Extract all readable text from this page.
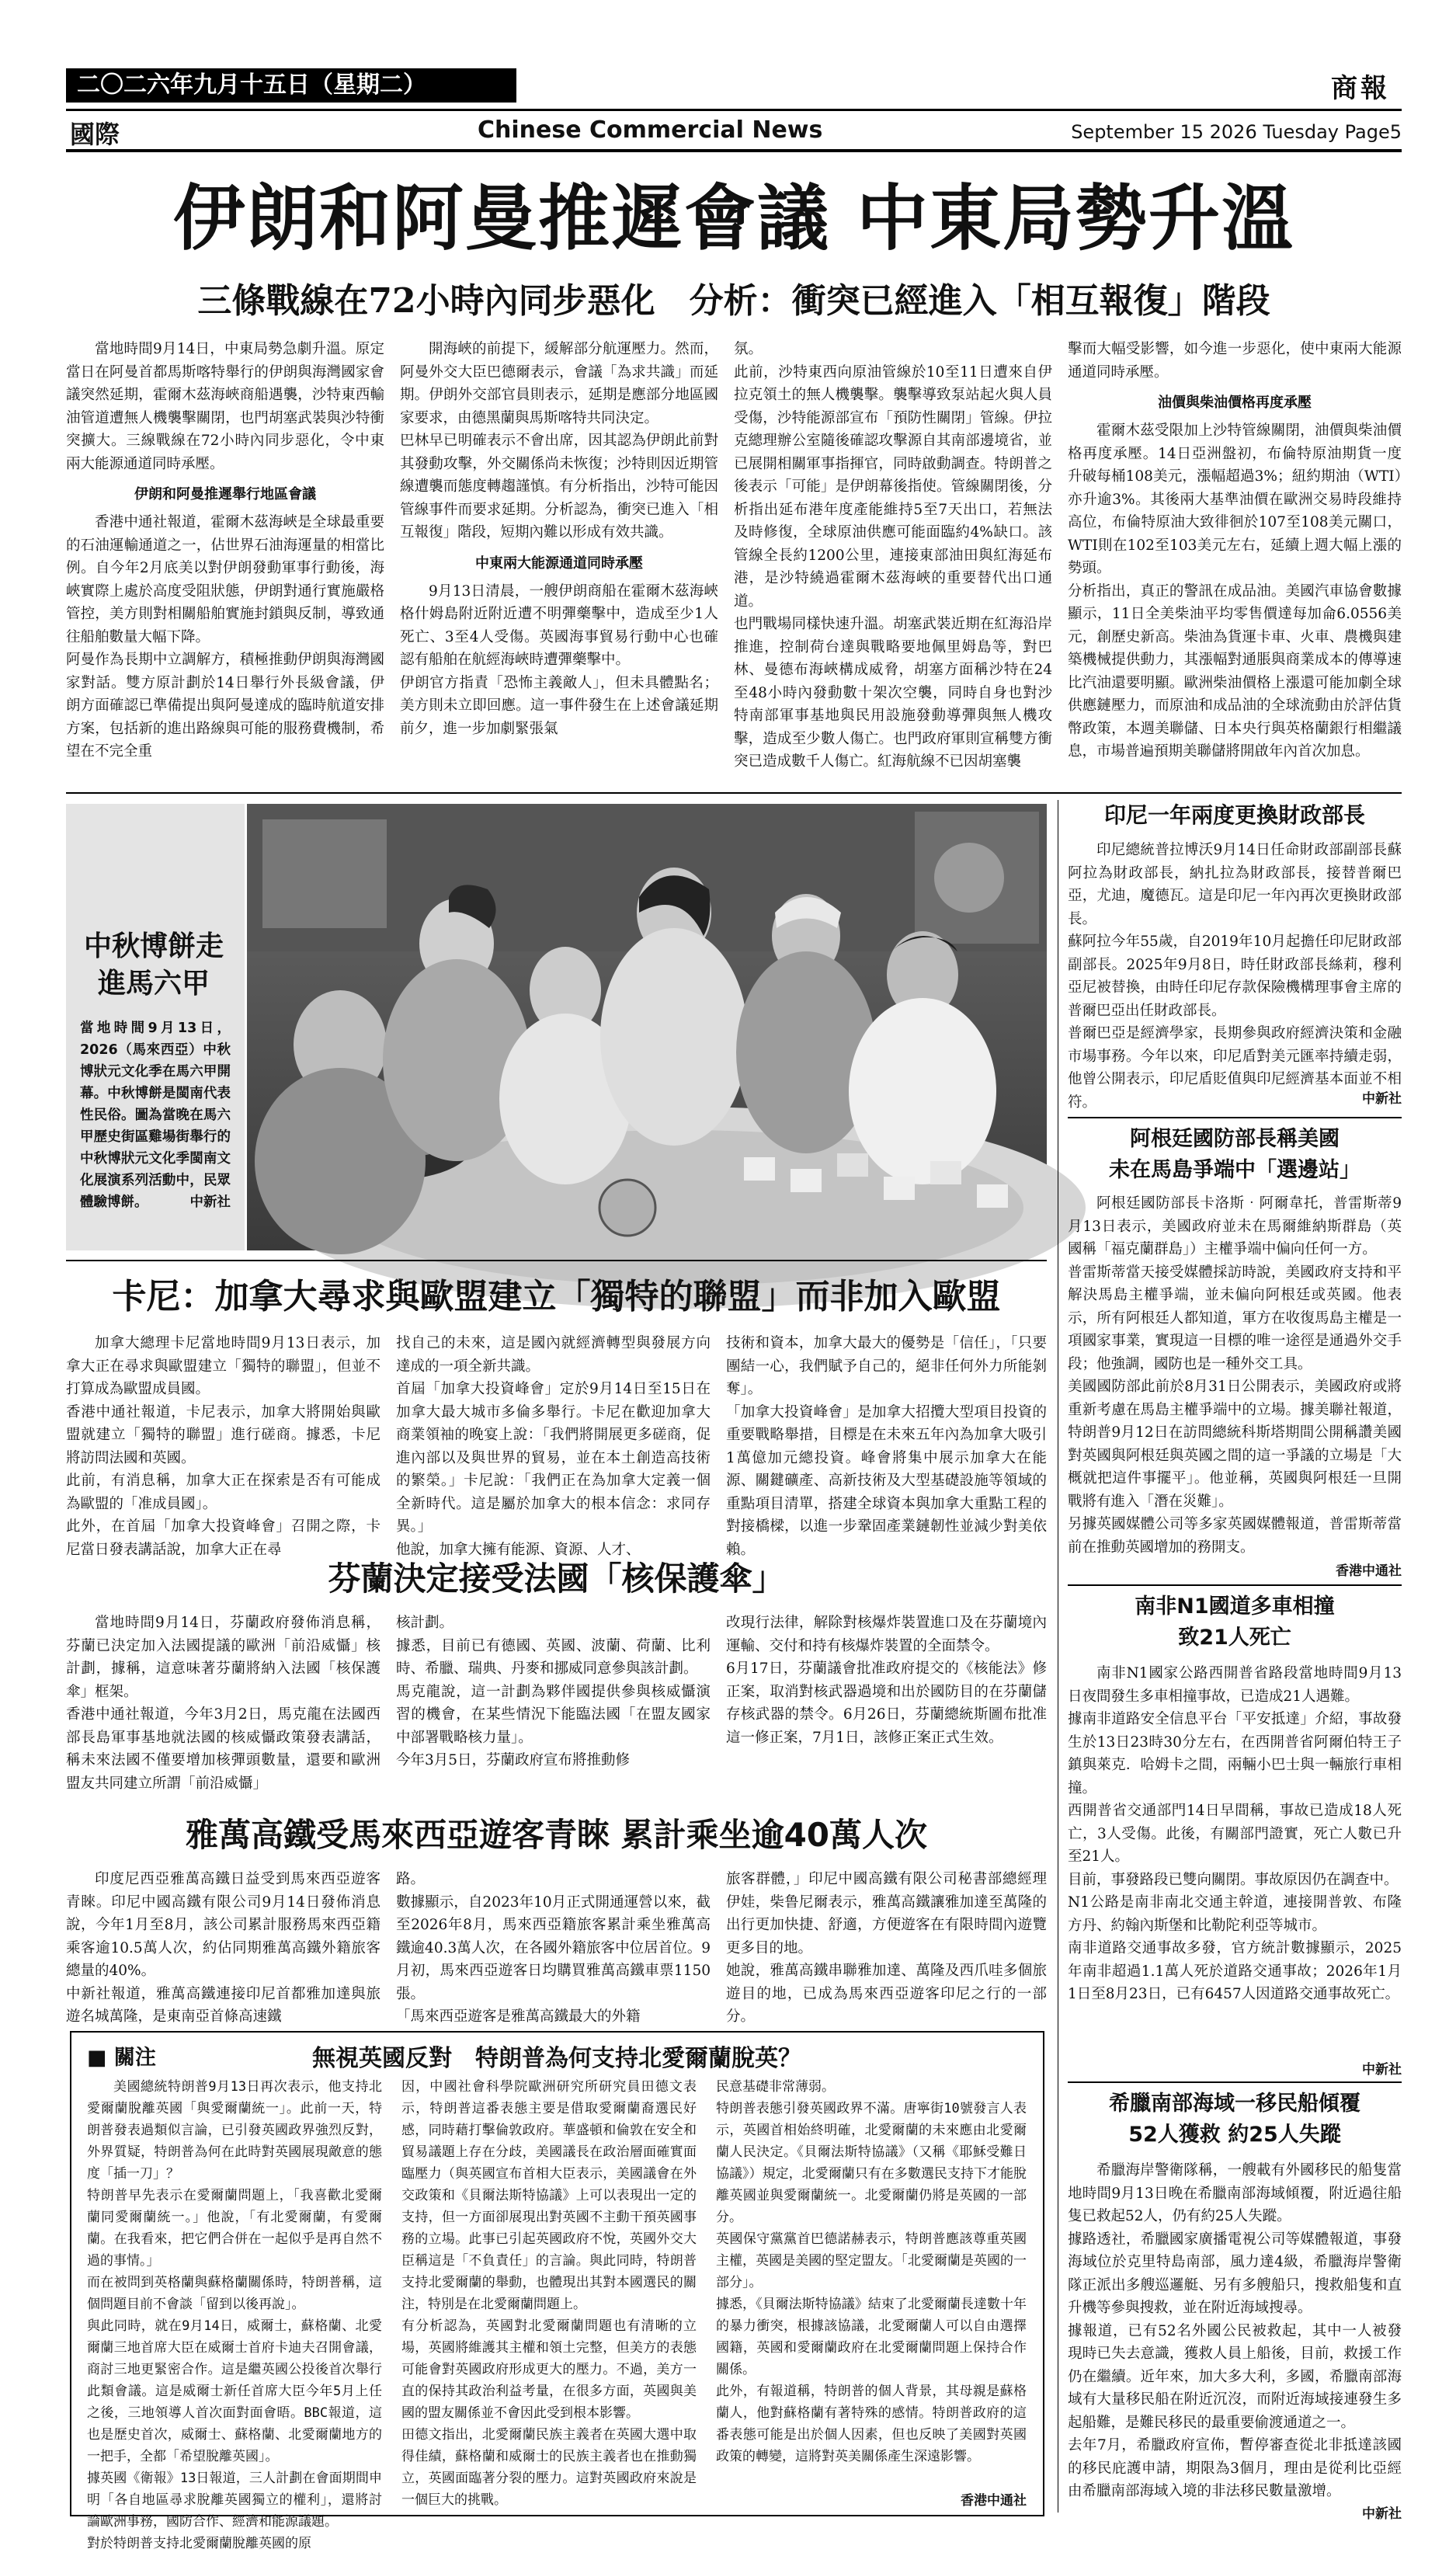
二〇二六年九月十五日（星期二）	商報
國際	Chinese Commercial News	September 15 2026 Tuesday Page5
伊朗和阿曼推遲會議 中東局勢升溫
三條戰線在72小時內同步惡化　分析：衝突已經進入「相互報復」階段

當地時間9月14日，中東局勢急劇升溫。原定當日在阿曼首都馬斯喀特舉行的伊朗與海灣國家會議突然延期，霍爾木茲海峽商船遇襲，沙特東西輸油管道遭無人機襲擊關閉，也門胡塞武裝與沙特衝突擴大。三線戰線在72小時內同步惡化，令中東兩大能源通道同時承壓。

伊朗和阿曼推遲舉行地區會議

香港中通社報道，霍爾木茲海峽是全球最重要的石油運輸通道之一，佔世界石油海運量的相當比例。自今年2月底美以對伊朗發動軍事行動後，海峽實際上處於高度受阻狀態，伊朗對通行實施嚴格管控，美方則對相關船舶實施封鎖與反制，導致通往船舶數量大幅下降。
阿曼作為長期中立調解方，積極推動伊朗與海灣國家對話。雙方原計劃於14日舉行外長級會議，伊朗方面確認已準備提出與阿曼達成的臨時航道安排方案，包括新的進出路線與可能的服務費機制，希望在不完全重

開海峽的前提下，緩解部分航運壓力。然而，阿曼外交大臣巴德爾表示，會議「為求共識」而延期。伊朗外交部官員則表示，延期是應部分地區國家要求，由德黑蘭與馬斯喀特共同決定。
巴林早已明確表示不會出席，因其認為伊朗此前對其發動攻擊，外交關係尚未恢復；沙特則因近期管線遭襲而態度轉趨謹慎。有分析指出，沙特可能因管線事件而要求延期。分析認為，衝突已進入「相互報復」階段，短期內難以形成有效共識。

中東兩大能源通道同時承壓

9月13日清晨，一艘伊朗商船在霍爾木茲海峽格什姆島附近附近遭不明彈藥擊中，造成至少1人死亡、3至4人受傷。英國海事貿易行動中心也確認有船舶在航經海峽時遭彈藥擊中。
伊朗官方指責「恐怖主義敵人」，但未具體點名；美方則未立即回應。這一事件發生在上述會議延期前夕，進一步加劇緊張氣

氛。
此前，沙特東西向原油管線於10至11日遭來自伊拉克領土的無人機襲擊。襲擊導致泵站起火與人員受傷，沙特能源部宣布「預防性關閉」管線。伊拉克總理辦公室隨後確認攻擊源自其南部邊境省，並已展開相關軍事指揮官，同時啟動調查。特朗普之後表示「可能」是伊朗幕後指使。管線關閉後，分析指出延布港年度產能維持5至7天出口，若無法及時修復，全球原油供應可能面臨約4%缺口。該管線全長約1200公里，連接東部油田與紅海延布港，是沙特繞過霍爾木茲海峽的重要替代出口通道。
也門戰場同樣快速升溫。胡塞武裝近期在紅海沿岸推進，控制荷台達與戰略要地佩里姆島等，對巴林、曼德布海峽構成威脅，胡塞方面稱沙特在24至48小時內發動數十架次空襲，同時自身也對沙特南部軍事基地與民用設施發動導彈與無人機攻擊，造成至少數人傷亡。也門政府軍則宣稱雙方衝突已造成數千人傷亡。紅海航線不已因胡塞襲

擊而大幅受影響，如今進一步惡化，使中東兩大能源通道同時承壓。

油價與柴油價格再度承壓

霍爾木茲受限加上沙特管線關閉，油價與柴油價格再度承壓。14日亞洲盤初，布倫特原油期貨一度升破每桶108美元，漲幅超過3%；紐約期油（WTI）亦升逾3%。其後兩大基準油價在歐洲交易時段維持高位，布倫特原油大致徘徊於107至108美元關口，WTI則在102至103美元左右，延續上週大幅上漲的勢頭。
分析指出，真正的警訊在成品油。美國汽車協會數據顯示，11日全美柴油平均零售價達每加侖6.0556美元，創歷史新高。柴油為貨運卡車、火車、農機與建築機械提供動力，其漲幅對通脹與商業成本的傳導速比汽油還要明顯。歐洲柴油價格上漲還可能加劇全球供應鏈壓力，而原油和成品油的全球流動由於評估貨幣政策，本週美聯儲、日本央行與英格蘭銀行相繼議息，市場普遍預期美聯儲將開啟年內首次加息。

中秋博餅走進馬六甲
當地時間9月13日，2026（馬來西亞）中秋博狀元文化季在馬六甲開幕。中秋博餅是閩南代表性民俗。圖為當晚在馬六甲歷史街區雞場街舉行的中秋博狀元文化季閩南文化展演系列活動中，民眾體驗博餅。	中新社
印尼一年兩度更換財政部長

印尼總統普拉博沃9月14日任命財政部副部長蘇阿拉為財政部長，納扎拉為財政部長，接替普爾巴亞，尤迪，魔德瓦。這是印尼一年內再次更換財政部長。
蘇阿拉今年55歲，自2019年10月起擔任印尼財政部副部長。2025年9月8日，時任財政部長絲莉，穆利亞尼被替換，由時任印尼存款保險機構理事會主席的普爾巴亞出任財政部長。
普爾巴亞是經濟學家，長期參與政府經濟決策和金融市場事務。今年以來，印尼盾對美元匯率持續走弱，他曾公開表示，印尼盾貶值與印尼經濟基本面並不相符。	中新社
阿根廷國防部長稱美國
未在馬島爭端中「選邊站」

阿根廷國防部長卡洛斯‧阿爾韋托，普雷斯蒂9月13日表示，美國政府並未在馬爾維納斯群島（英國稱「福克蘭群島」）主權爭端中偏向任何一方。
普雷斯蒂當天接受媒體採訪時說，美國政府支持和平解決馬島主權爭端，並未偏向阿根廷或英國。他表示，所有阿根廷人都知道，軍方在收復馬島主權是一項國家事業，實現這一目標的唯一途徑是通過外交手段；他強調，國防也是一種外交工具。
美國國防部此前於8月31日公開表示，美國政府或將重新考慮在馬島主權爭端中的立場。據美聯社報道，特朗普9月12日在訪問總統科斯塔期間公開稱讚美國對英國與阿根廷與英國之間的這一爭議的立場是「大概就把這件事擺平」。他並稱，英國與阿根廷一旦開戰將有進入「潛在災難」。
另據英國媒體公司等多家英國媒體報道，普雷斯蒂當前在推動英國增加的務開支。

香港中通社
南非N1國道多車相撞
致21人死亡

南非N1國家公路西開普省路段當地時間9月13日夜間發生多車相撞事故，已造成21人遇難。
據南非道路安全信息平台「平安抵達」介紹，事故發生於13日23時30分左右，在西開普省阿爾伯特王子鎮與萊克．哈姆卡之間，兩輛小巴士與一輛旅行車相撞。
西開普省交通部門14日早間稱，事故已造成18人死亡，3人受傷。此後，有關部門證實，死亡人數已升至21人。
目前，事發路段已雙向關閉。事故原因仍在調查中。
N1公路是南非南北交通主幹道，連接開普敦、布隆方丹、約翰內斯堡和比勒陀利亞等城市。
南非道路交通事故多發，官方統計數據顯示，2025年南非超過1.1萬人死於道路交通事故；2026年1月1日至8月23日，已有6457人因道路交通事故死亡。

中新社
希臘南部海域一移民船傾覆
52人獲救 約25人失蹤

希臘海岸警衛隊稱，一艘載有外國移民的船隻當地時間9月13日晚在希臘南部海域傾覆，附近過往船隻已救起52人，仍有約25人失蹤。
據路透社，希臘國家廣播電視公司等媒體報道，事發海域位於克里特島南部，風力達4級，希臘海岸警衛隊正派出多艘巡邏艇、另有多艘船只，搜救船隻和直升機等參與搜救，並在附近海域搜尋。
據報道，已有52名外國公民被救起，其中一人被發現時已失去意識，獲救人員上船後，目前，救援工作仍在繼續。近年來，加大多大利，多國，希臘南部海域有大量移民船在附近沉沒，而附近海域接連發生多起船難，是難民移民的最重要偷渡通道之一。
去年7月，希臘政府宣佈，暫停審查從北非抵達該國的移民庇護申請，期限為3個月，理由是從利比亞經由希臘南部海域入境的非法移民數量激增。

中新社
卡尼：加拿大尋求與歐盟建立「獨特的聯盟」而非加入歐盟

加拿大總理卡尼當地時間9月13日表示，加拿大正在尋求與歐盟建立「獨特的聯盟」，但並不打算成為歐盟成員國。
香港中通社報道，卡尼表示，加拿大將開始與歐盟就建立「獨特的聯盟」進行磋商。據悉，卡尼將訪問法國和英國。
此前，有消息稱，加拿大正在探索是否有可能成為歐盟的「准成員國」。
此外，在首屆「加拿大投資峰會」召開之際，卡尼當日發表講話說，加拿大正在尋

找自己的未來，這是國內就經濟轉型與發展方向達成的一項全新共識。
首屆「加拿大投資峰會」定於9月14日至15日在加拿大最大城市多倫多舉行。卡尼在歡迎加拿大商業領袖的晚宴上說：「我們將開展更多磋商，促進內部以及與世界的貿易，並在本土創造高技術的繁榮。」卡尼說：「我們正在為加拿大定義一個全新時代。這是屬於加拿大的根本信念：求同存異。」
他說，加拿大擁有能源、資源、人才、

技術和資本，加拿大最大的優勢是「信任」，「只要團結一心，我們賦予自己的，絕非任何外力所能剝奪」。
「加拿大投資峰會」是加拿大招攬大型項目投資的重要戰略舉措，目標是在未來五年內為加拿大吸引1萬億加元總投資。峰會將集中展示加拿大在能源、關鍵礦產、高新技術及大型基礎設施等領域的重點項目清單，搭建全球資本與加拿大重點工程的對接橋樑，以進一步鞏固產業鏈韌性並減少對美依賴。

芬蘭決定接受法國「核保護傘」

當地時間9月14日，芬蘭政府發佈消息稱，芬蘭已決定加入法國提議的歐洲「前沿威懾」核計劃，據稱，這意味著芬蘭將納入法國「核保護傘」框架。
香港中通社報道，今年3月2日，馬克龍在法國西部長島軍事基地就法國的核威懾政策發表講話，稱未來法國不僅要增加核彈頭數量，還要和歐洲盟友共同建立所謂「前沿威懾」

核計劃。
據悉，目前已有德國、英國、波蘭、荷蘭、比利時、希臘、瑞典、丹麥和挪威同意參與該計劃。
馬克龍說，這一計劃為夥伴國提供參與核威懾演習的機會，在某些情況下能臨法國「在盟友國家中部署戰略核力量」。
今年3月5日，芬蘭政府宣布將推動修

改現行法律，解除對核爆炸裝置進口及在芬蘭境內運輸、交付和持有核爆炸裝置的全面禁令。
6月17日，芬蘭議會批准政府提交的《核能法》修正案，取消對核武器過境和出於國防目的在芬蘭儲存核武器的禁令。6月26日，芬蘭總統斯圖布批准這一修正案，7月1日，該修正案正式生效。

雅萬高鐵受馬來西亞遊客青睞 累計乘坐逾40萬人次

印度尼西亞雅萬高鐵日益受到馬來西亞遊客青睞。印尼中國高鐵有限公司9月14日發佈消息說，今年1月至8月，該公司累計服務馬來西亞籍乘客逾10.5萬人次，約佔同期雅萬高鐵外籍旅客總量的40%。
中新社報道，雅萬高鐵連接印尼首都雅加達與旅遊名城萬隆，是東南亞首條高速鐵

路。
數據顯示，自2023年10月正式開通運營以來，截至2026年8月，馬來西亞籍旅客累計乘坐雅萬高鐵逾40.3萬人次，在各國外籍旅客中位居首位。9月初，馬來西亞遊客日均購買雅萬高鐵車票1150張。
「馬來西亞遊客是雅萬高鐵最大的外籍

旅客群體，」印尼中國高鐵有限公司秘書部總經理伊娃，柴鲁尼爾表示，雅萬高鐵讓雅加達至萬隆的出行更加快捷、舒適，方便遊客在有限時間內遊覽更多目的地。
她說，雅萬高鐵串聯雅加達、萬隆及西爪哇多個旅遊目的地，已成為馬來西亞遊客印尼之行的一部分。

■ 關注	無視英國反對　特朗普為何支持北愛爾蘭脫英？

美國總統特朗普9月13日再次表示，他支持北愛爾蘭脫離英國「與愛爾蘭統一」。此前一天，特朗普發表過類似言論，已引發英國政界強烈反對，外界質疑，特朗普為何在此時對英國展現敵意的態度「插一刀」？
特朗普早先表示在愛爾蘭問題上，「我喜歡北愛爾蘭同愛爾蘭統一。」他說，「有北愛爾蘭，有愛爾蘭。在我看來，把它們合併在一起似乎是再自然不過的事情。」
而在被問到英格蘭與蘇格蘭關係時，特朗普稱，這個問題目前不會談「留到以後再說」。
與此同時，就在9月14日，威爾士，蘇格蘭、北愛爾蘭三地首席大臣在威爾士首府卡迪夫召開會議，商討三地更緊密合作。這是繼英國公投後首次舉行此類會議。這是威爾士新任首席大臣今年5月上任之後，三地領導人首次面對面會晤。BBC報道，這也是歷史首次，威爾士、蘇格蘭、北愛爾蘭地方的一把手，全都「希望脫離英國」。
據英國《衛報》13日報道，三人計劃在會面期間申明「各自地區尋求脫離英國獨立的權利」，還將討論歐洲事務，國防合作、經濟和能源議題。
對於特朗普支持北愛爾蘭脫離英國的原

因，中國社會科學院歐洲研究所研究員田德文表示，特朗普這番表態主要是借取愛爾蘭裔選民好感，同時藉打擊倫敦政府。華盛頓和倫敦在安全和貿易議題上存在分歧，美國議長在政治層面確實面臨壓力（與英國宣布首相大臣表示，美國議會在外交政策和《貝爾法斯特協議》上可以表現出一定的支持，但一方面卻展現出對英國不主動干預英國事務的立場。此事已引起英國政府不悅，英國外交大臣稱這是「不負責任」的言論。與此同時，特朗普支持北愛爾蘭的舉動，也體現出其對本國選民的關注，特別是在北愛爾蘭問題上。
有分析認為，英國對北愛爾蘭問題也有清晰的立場，英國將維護其主權和領土完整，但美方的表態可能會對英國政府形成更大的壓力。不過，美方一直的保持其政治利益考量，在很多方面，英國與美國的盟友關係並不會因此受到根本影響。
田德文指出，北愛爾蘭民族主義者在英國大選中取得佳績，蘇格蘭和威爾士的民族主義者也在推動獨立，英國面臨著分裂的壓力。這對英國政府來說是一個巨大的挑戰。

民意基礎非常薄弱。
特朗普表態引發英國政界不滿。唐寧街10號發言人表示，英國首相始終明確，北愛爾蘭的未來應由北愛爾蘭人民決定。《貝爾法斯特協議》（又稱《耶穌受難日協議》）規定，北愛爾蘭只有在多數選民支持下才能脫離英國並與愛爾蘭統一。北愛爾蘭仍將是英國的一部分。
英國保守黨黨首巴德諾赫表示，特朗普應該尊重英國主權，英國是美國的堅定盟友。「北愛爾蘭是英國的一部分」。
據悉，《貝爾法斯特協議》結束了北愛爾蘭長達數十年的暴力衝突，根據該協議，北愛爾蘭人可以自由選擇國籍，英國和愛爾蘭政府在北愛爾蘭問題上保持合作關係。
此外，有報道稱，特朗普的個人背景，其母親是蘇格蘭人，他對蘇格蘭有著特殊的感情。特朗普政府的這番表態可能是出於個人因素，但也反映了美國對英國政策的轉變，這將對英美關係產生深遠影響。

香港中通社
